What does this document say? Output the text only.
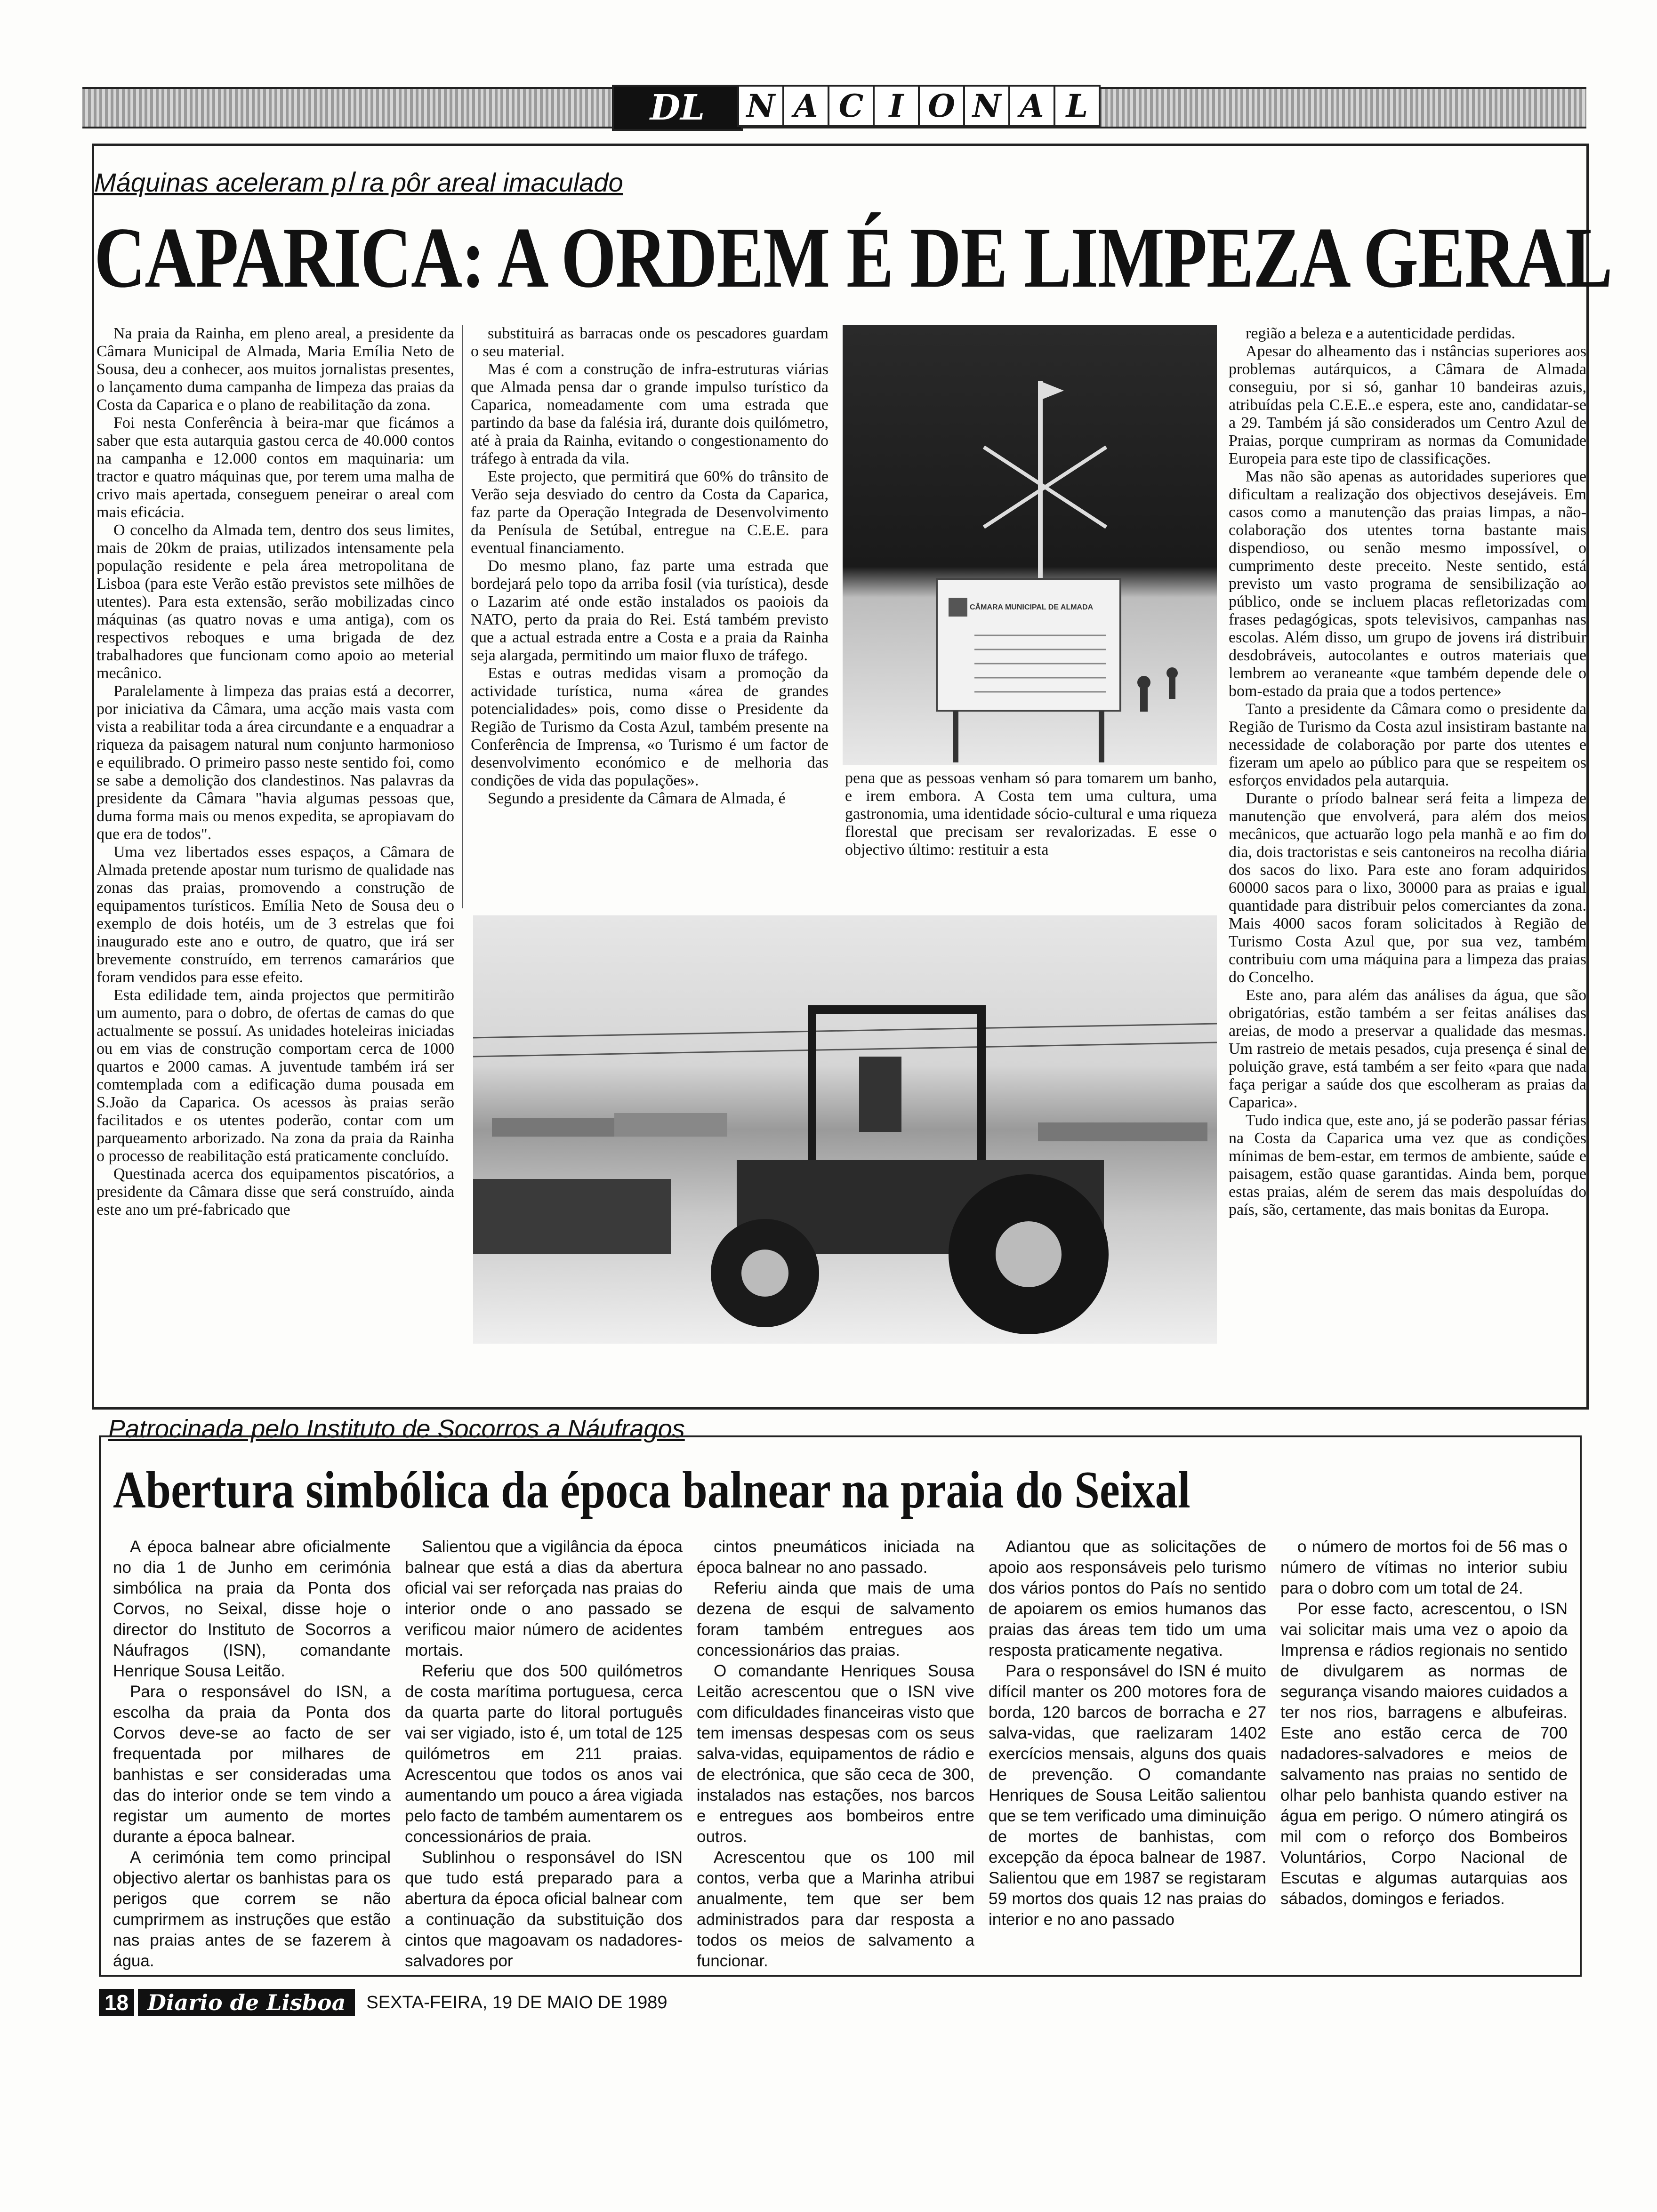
DL	N A C I O N A L
Máquinas aceleram pⅼ ra pôr areal imaculado
CAPARICA: A ORDEM É DE LIMPEZA GERAL

Na praia da Rainha, em pleno areal, a presidente da Câmara Municipal de Almada, Maria Emília Neto de Sousa, deu a conhecer, aos muitos jornalistas presentes, o lançamento duma campanha de limpeza das praias da Costa da Caparica e o plano de reabilitação da zona.

Foi nesta Conferência à beira-mar que ficámos a saber que esta autarquia gastou cerca de 40.000 contos na campanha e 12.000 contos em maquinaria: um tractor e quatro máquinas que, por terem uma malha de crivo mais apertada, conseguem peneirar o areal com mais eficácia.

O concelho da Almada tem, dentro dos seus limites, mais de 20km de praias, utilizados intensamente pela população residente e pela área metropolitana de Lisboa (para este Verão estão previstos sete milhões de utentes). Para esta extensão, serão mobilizadas cinco máquinas (as quatro novas e uma antiga), com os respectivos reboques e uma brigada de dez trabalhadores que funcionam como apoio ao meterial mecânico.

Paralelamente à limpeza das praias está a decorrer, por iniciativa da Câmara, uma acção mais vasta com vista a reabilitar toda a área circundante e a enquadrar a riqueza da paisagem natural num conjunto harmonioso e equilibrado. O primeiro passo neste sentido foi, como se sabe a demolição dos clandestinos. Nas palavras da presidente da Câmara "havia algumas pessoas que, duma forma mais ou menos expedita, se apropiavam do que era de todos".

Uma vez libertados esses espaços, a Câmara de Almada pretende apostar num turismo de qualidade nas zonas das praias, promovendo a construção de equipamentos turísticos. Emília Neto de Sousa deu o exemplo de dois hotéis, um de 3 estrelas que foi inaugurado este ano e outro, de quatro, que irá ser brevemente construído, em terrenos camarários que foram vendidos para esse efeito.

Esta edilidade tem, ainda projectos que permitirão um aumento, para o dobro, de ofertas de camas do que actualmente se possuí. As unidades hoteleiras iniciadas ou em vias de construção comportam cerca de 1000 quartos e 2000 camas. A juventude também irá ser comtemplada com a edificação duma pousada em S.João da Caparica. Os acessos às praias serão facilitados e os utentes poderão, contar com um parqueamento arborizado. Na zona da praia da Rainha o processo de reabilitação está praticamente concluído.

Questinada acerca dos equipamentos piscatórios, a presidente da Câmara disse que será construído, ainda este ano um pré-fabricado que

substituirá as barracas onde os pescadores guardam o seu material.

Mas é com a construção de infra-estruturas viárias que Almada pensa dar o grande impulso turístico da Caparica, nomeadamente com uma estrada que partindo da base da falésia irá, durante dois quilómetro, até à praia da Rainha, evitando o congestionamento do tráfego à entrada da vila.

Este projecto, que permitirá que 60% do trânsito de Verão seja desviado do centro da Costa da Caparica, faz parte da Operação Integrada de Desenvolvimento da Penísula de Setúbal, entregue na C.E.E. para eventual financiamento.

Do mesmo plano, faz parte uma estrada que bordejará pelo topo da arriba fosil (via turística), desde o Lazarim até onde estão instalados os paoiois da NATO, perto da praia do Rei. Está também previsto que a actual estrada entre a Costa e a praia da Rainha seja alargada, permitindo um maior fluxo de tráfego.

Estas e outras medidas visam a promoção da actividade turística, numa «área de grandes potencialidades» pois, como disse o Presidente da Região de Turismo da Costa Azul, também presente na Conferência de Imprensa, «o Turismo é um factor de desenvolvimento económico e de melhoria das condições de vida das populações».

Segundo a presidente da Câmara de Almada, é

CÂMARA MUNICIPAL DE ALMADA

pena que as pessoas venham só para tomarem um banho, e irem embora. A Costa tem uma cultura, uma gastronomia, uma identidade sócio-cultural e uma riqueza florestal que precisam ser revalorizadas. E esse o objectivo último: restituir a esta

região a beleza e a autenticidade perdidas.

Apesar do alheamento das i nstâncias superiores aos problemas autárquicos, a Câmara de Almada conseguiu, por si só, ganhar 10 bandeiras azuis, atribuídas pela C.E.E..e espera, este ano, candidatar-se a 29. Também já são considerados um Centro Azul de Praias, porque cumpriram as normas da Comunidade Europeia para este tipo de classificações.

Mas não são apenas as autoridades superiores que dificultam a realização dos objectivos desejáveis. Em casos como a manutenção das praias limpas, a não-colaboração dos utentes torna bastante mais dispendioso, ou senão mesmo impossível, o cumprimento deste preceito. Neste sentido, está previsto um vasto programa de sensibilização ao público, onde se incluem placas refletorizadas com frases pedagógicas, spots televisivos, campanhas nas escolas. Além disso, um grupo de jovens irá distribuir desdobráveis, autocolantes e outros materiais que lembrem ao veraneante «que também depende dele o bom-estado da praia que a todos pertence»

Tanto a presidente da Câmara como o presidente da Região de Turismo da Costa azul insistiram bastante na necessidade de colaboração por parte dos utentes e fizeram um apelo ao público para que se respeitem os esforços envidados pela autarquia.

Durante o príodo balnear será feita a limpeza de manutenção que envolverá, para além dos meios mecânicos, que actuarão logo pela manhã e ao fim do dia, dois tractoristas e seis cantoneiros na recolha diária dos sacos do lixo. Para este ano foram adquiridos 60000 sacos para o lixo, 30000 para as praias e igual quantidade para distribuir pelos comerciantes da zona. Mais 4000 sacos foram solicitados à Região de Turismo Costa Azul que, por sua vez, também contribuiu com uma máquina para a limpeza das praias do Concelho.

Este ano, para além das análises da água, que são obrigatórias, estão também a ser feitas análises das areias, de modo a preservar a qualidade das mesmas. Um rastreio de metais pesados, cuja presença é sinal de poluição grave, está também a ser feito «para que nada faça perigar a saúde dos que escolheram as praias da Caparica».

Tudo indica que, este ano, já se poderão passar férias na Costa da Caparica uma vez que as condições mínimas de bem-estar, em termos de ambiente, saúde e paisagem, estão quase garantidas. Ainda bem, porque estas praias, além de serem das mais despoluídas do país, são, certamente, das mais bonitas da Europa.

Patrocinada pelo Instituto de Socorros a Náufragos
Abertura simbólica da época balnear na praia do Seixal

A época balnear abre oficialmente no dia 1 de Junho em cerimónia simbólica na praia da Ponta dos Corvos, no Seixal, disse hoje o director do Instituto de Socorros a Náufragos (ISN), comandante Henrique Sousa Leitão.

Para o responsável do ISN, a escolha da praia da Ponta dos Corvos deve-se ao facto de ser frequentada por milhares de banhistas e ser consideradas uma das do interior onde se tem vindo a registar um aumento de mortes durante a época balnear.

A cerimónia tem como principal objectivo alertar os banhistas para os perigos que correm se não cumprirmem as instruções que estão nas praias antes de se fazerem à água.

Salientou que a vigilância da época balnear que está a dias da abertura oficial vai ser reforçada nas praias do interior onde o ano passado se verificou maior número de acidentes mortais.

Referiu que dos 500 quilómetros de costa marítima portuguesa, cerca da quarta parte do litoral português vai ser vigiado, isto é, um total de 125 quilómetros em 211 praias. Acrescentou que todos os anos vai aumentando um pouco a área vigiada pelo facto de também aumentarem os concessionários de praia.

Sublinhou o responsável do ISN que tudo está preparado para a abertura da época oficial balnear com a continuação da substituição dos cintos que magoavam os nadadores-salvadores por

cintos pneumáticos iniciada na época balnear no ano passado.

Referiu ainda que mais de uma dezena de esqui de salvamento foram também entregues aos concessionários das praias.

O comandante Henriques Sousa Leitão acrescentou que o ISN vive com dificuldades financeiras visto que tem imensas despesas com os seus salva-vidas, equipamentos de rádio e de electrónica, que são ceca de 300, instalados nas estações, nos barcos e entregues aos bombeiros entre outros.

Acrescentou que os 100 mil contos, verba que a Marinha atribui anualmente, tem que ser bem administrados para dar resposta a todos os meios de salvamento a funcionar.

Adiantou que as solicitações de apoio aos responsáveis pelo turismo dos vários pontos do País no sentido de apoiarem os emios humanos das praias das áreas tem tido um uma resposta praticamente negativa.

Para o responsável do ISN é muito difícil manter os 200 motores fora de borda, 120 barcos de borracha e 27 salva-vidas, que raelizaram 1402 exercícios mensais, alguns dos quais de prevenção. O comandante Henriques de Sousa Leitão salientou que se tem verificado uma diminuição de mortes de banhistas, com excepção da época balnear de 1987. Salientou que em 1987 se registaram 59 mortos dos quais 12 nas praias do interior e no ano passado

o número de mortos foi de 56 mas o número de vítimas no interior subiu para o dobro com um total de 24.

Por esse facto, acrescentou, o ISN vai solicitar mais uma vez o apoio da Imprensa e rádios regionais no sentido de divulgarem as normas de segurança visando maiores cuidados a ter nos rios, barragens e albufeiras. Este ano estão cerca de 700 nadadores-salvadores e meios de salvamento nas praias no sentido de olhar pelo banhista quando estiver na água em perigo. O número atingirá os mil com o reforço dos Bombeiros Voluntários, Corpo Nacional de Escutas e algumas autarquias aos sábados, domingos e feriados.

18 Diario de Lisboa	SEXTA-FEIRA, 19 DE MAIO DE 1989
